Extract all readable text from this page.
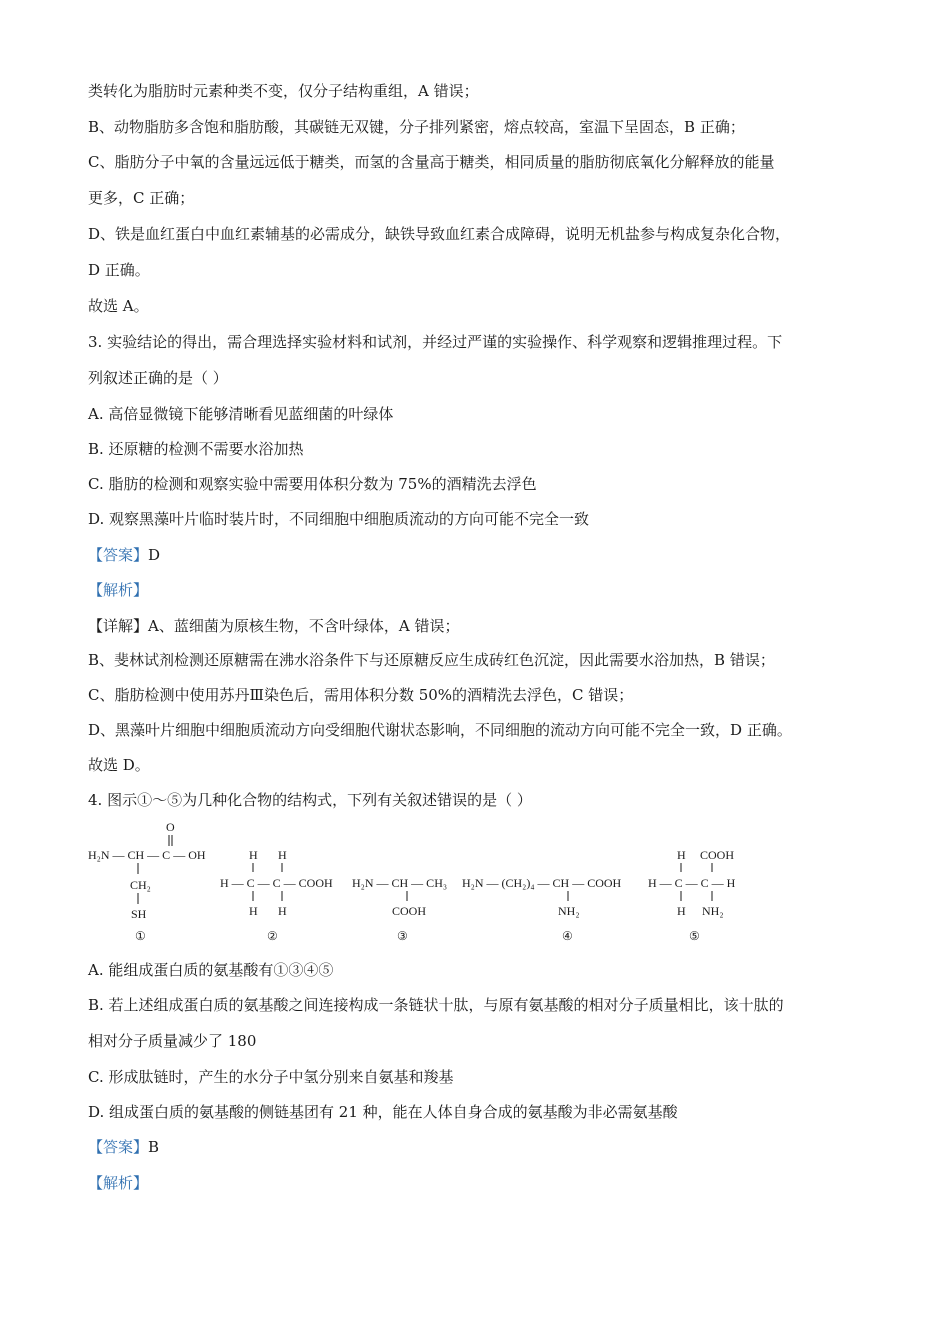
类转化为脂肪时元素种类不变，仅分子结构重组，A 错误；
B、动物脂肪多含饱和脂肪酸，其碳链无双键，分子排列紧密，熔点较高，室温下呈固态，B 正确；
C、脂肪分子中氧的含量远远低于糖类，而氢的含量高于糖类，相同质量的脂肪彻底氧化分解释放的能量
更多，C 正确；
D、铁是血红蛋白中血红素辅基的必需成分，缺铁导致血红素合成障碍，说明无机盐参与构成复杂化合物，
D 正确。
故选 A。
3. 实验结论的得出，需合理选择实验材料和试剂，并经过严谨的实验操作、科学观察和逻辑推理过程。下
列叙述正确的是（ ）
A. 高倍显微镜下能够清晰看见蓝细菌的叶绿体
B. 还原糖的检测不需要水浴加热
C. 脂肪的检测和观察实验中需要用体积分数为 75%的酒精洗去浮色
D. 观察黑藻叶片临时装片时，不同细胞中细胞质流动的方向可能不完全一致
【答案】D
【解析】
【详解】A、蓝细菌为原核生物，不含叶绿体，A 错误；
B、斐林试剂检测还原糖需在沸水浴条件下与还原糖反应生成砖红色沉淀，因此需要水浴加热，B 错误；
C、脂肪检测中使用苏丹Ⅲ染色后，需用体积分数 50%的酒精洗去浮色，C 错误；
D、黑藻叶片细胞中细胞质流动方向受细胞代谢状态影响，不同细胞的流动方向可能不完全一致，D 正确。
故选 D。
4. 图示①～⑤为几种化合物的结构式，下列有关叙述错误的是（ ）
O
H₂N — CH — C — OH
CH₂
SH
①
H H
H — C — C — COOH
H H
②
H₂N — CH — CH₃
COOH
③
H₂N — (CH₂)₄ — CH — COOH
NH₂
④
H COOH
H — C — C — H
H NH₂
⑤
A. 能组成蛋白质的氨基酸有①③④⑤
B. 若上述组成蛋白质的氨基酸之间连接构成一条链状十肽，与原有氨基酸的相对分子质量相比，该十肽的
相对分子质量减少了 180
C. 形成肽链时，产生的水分子中氢分别来自氨基和羧基
D. 组成蛋白质的氨基酸的侧链基团有 21 种，能在人体自身合成的氨基酸为非必需氨基酸
【答案】B
【解析】
